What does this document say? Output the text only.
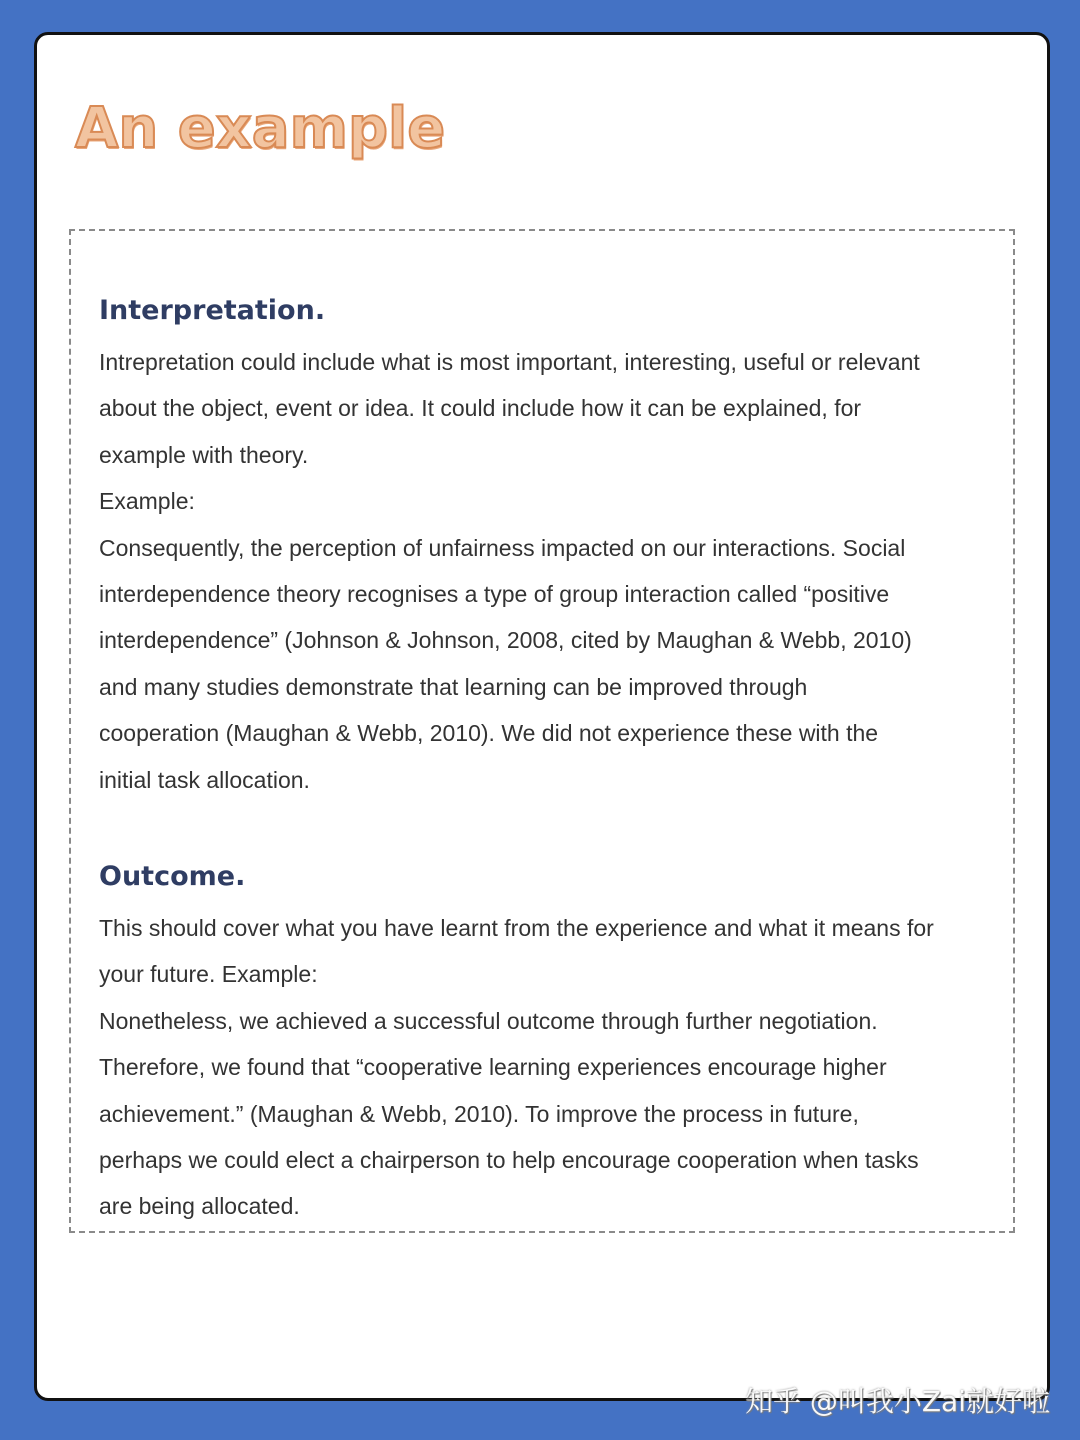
An example
Interpretation.

Intrepretation could include what is most important, interesting, useful or relevant
about the object, event or idea. It could include how it can be explained, for
example with theory.
Example:
Consequently, the perception of unfairness impacted on our interactions. Social
interdependence theory recognises a type of group interaction called “positive
interdependence” (Johnson & Johnson, 2008, cited by Maughan & Webb, 2010)
and many studies demonstrate that learning can be improved through
cooperation (Maughan & Webb, 2010). We did not experience these with the
initial task allocation.

Outcome.

This should cover what you have learnt from the experience and what it means for
your future. Example:
Nonetheless, we achieved a successful outcome through further negotiation.
Therefore, we found that “cooperative learning experiences encourage higher
achievement.” (Maughan & Webb, 2010). To improve the process in future,
perhaps we could elect a chairperson to help encourage cooperation when tasks
are being allocated.

知乎 @叫我小Zai就好啦
